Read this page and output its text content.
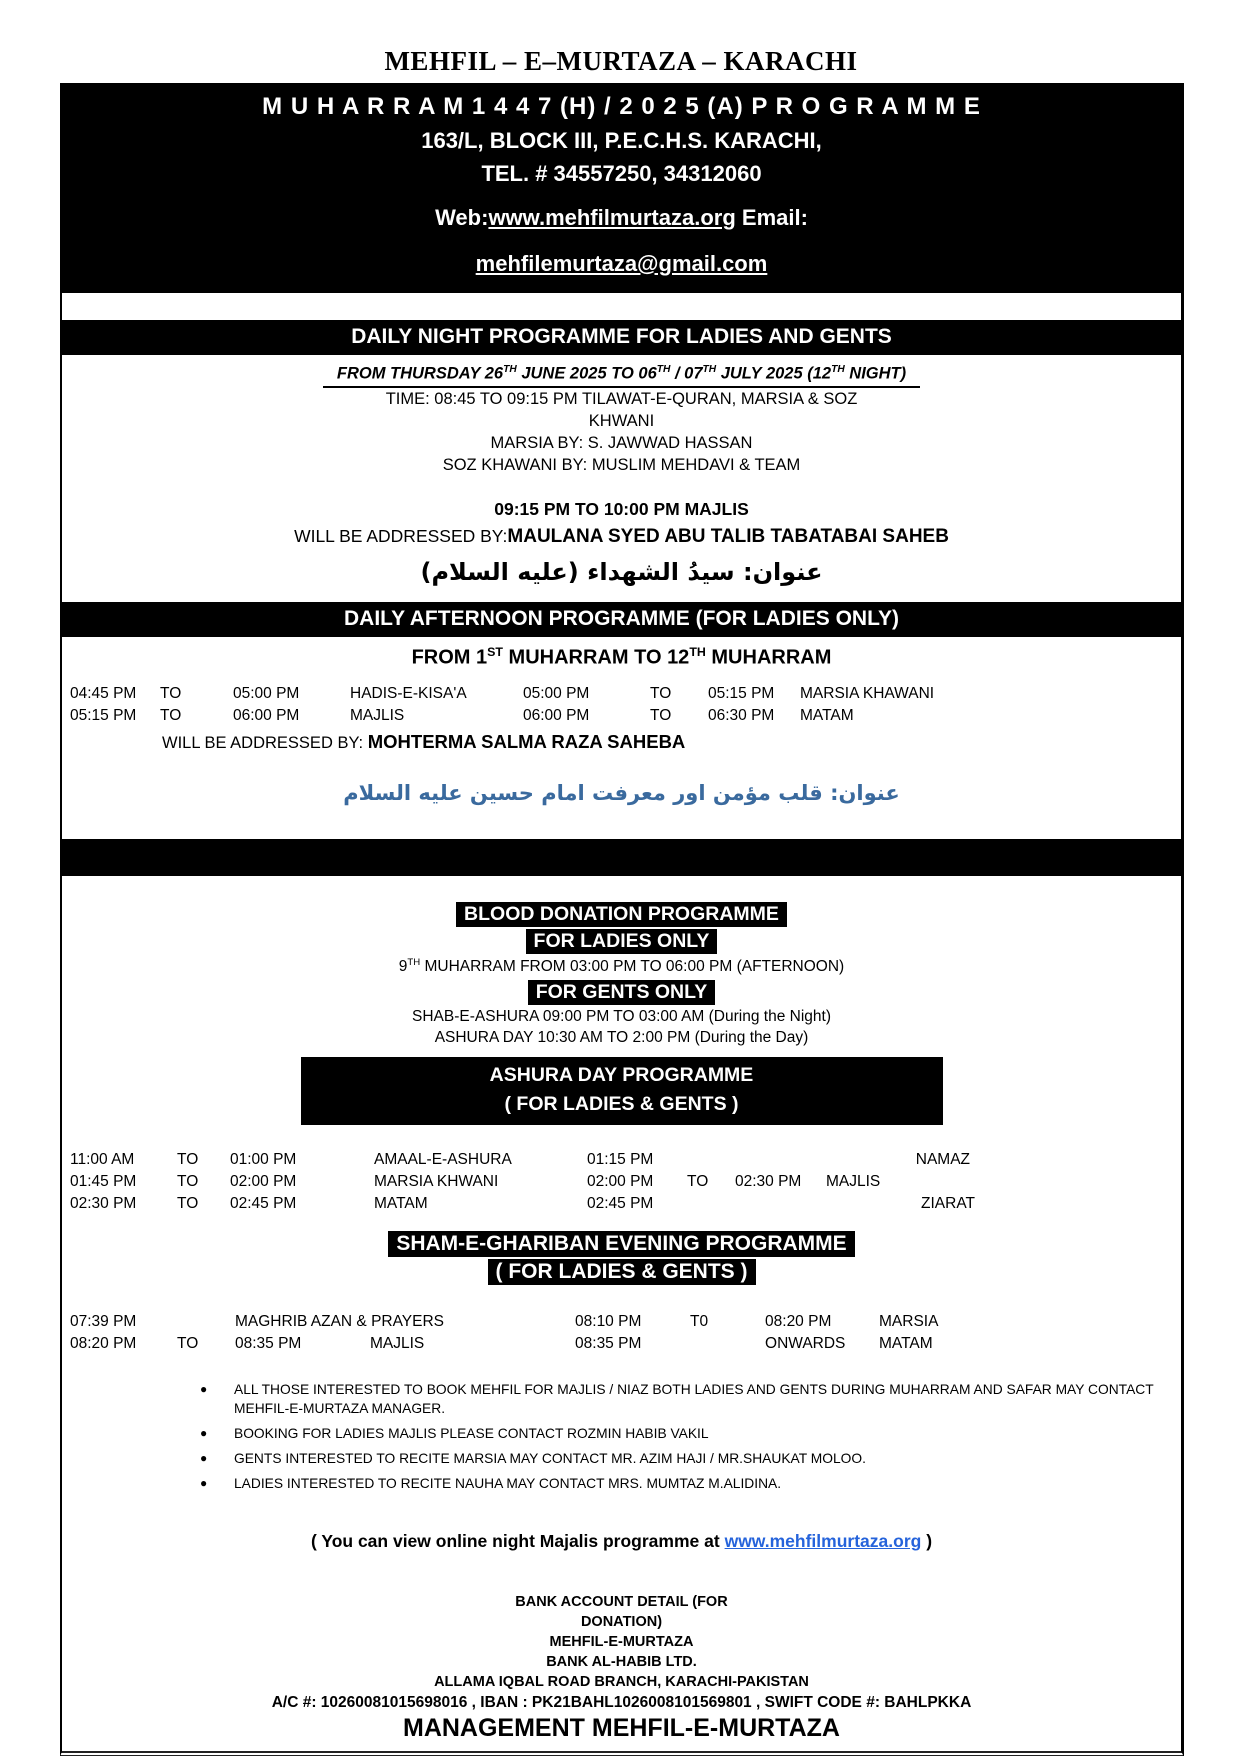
MEHFIL – E–MURTAZA – KARACHI
M U H A R R A M 1 4 4 7 (H) / 2 0 2 5 (A) P R O G R A M M E
163/L, BLOCK III, P.E.C.H.S. KARACHI,
TEL. # 34557250, 34312060
Web:www.mehfilmurtaza.org Email:
mehfilemurtaza@gmail.com
DAILY NIGHT PROGRAMME FOR LADIES AND GENTS
FROM THURSDAY 26TH JUNE 2025 TO 06TH / 07TH JULY 2025 (12TH NIGHT)
TIME: 08:45 TO 09:15 PM TILAWAT-E-QURAN, MARSIA & SOZ
KHWANI
MARSIA BY: S. JAWWAD HASSAN
SOZ KHAWANI BY: MUSLIM MEHDAVI & TEAM
09:15 PM TO 10:00 PM MAJLIS
WILL BE ADDRESSED BY:MAULANA SYED ABU TALIB TABATABAI SAHEB
عنوان: سيدُ الشهداء (عليه السلام)
DAILY AFTERNOON PROGRAMME (FOR LADIES ONLY)
FROM 1ST MUHARRAM TO 12TH MUHARRAM
04:45 PM	TO	05:00 PM	HADIS-E-KISA'A	05:00 PM	TO	05:15 PM	MARSIA KHAWANI
05:15 PM	TO	06:00 PM	MAJLIS	06:00 PM	TO	06:30 PM	MATAM
WILL BE ADDRESSED BY: MOHTERMA SALMA RAZA SAHEBA
عنوان: قلب مؤمن اور معرفت امام حسین علیه السلام
BLOOD DONATION PROGRAMME
FOR LADIES ONLY
9TH MUHARRAM FROM 03:00 PM TO 06:00 PM (AFTERNOON)
FOR GENTS ONLY
SHAB-E-ASHURA 09:00 PM TO 03:00 AM (During the Night)
ASHURA DAY 10:30 AM TO 2:00 PM (During the Day)
ASHURA DAY PROGRAMME
( FOR LADIES & GENTS )
11:00 AM	TO	01:00 PM	AMAAL-E-ASHURA	01:15 PM			NAMAZ
01:45 PM	TO	02:00 PM	MARSIA KHWANI	02:00 PM	TO	02:30 PM	MAJLIS
02:30 PM	TO	02:45 PM	MATAM	02:45 PM			ZIARAT
SHAM-E-GHARIBAN EVENING PROGRAMME
( FOR LADIES & GENTS )
07:39 PM		MAGHRIB AZAN & PRAYERS		08:10 PM	T0	08:20 PM	MARSIA
08:20 PM	TO	08:35 PM	MAJLIS	08:35 PM		ONWARDS	MATAM
●	ALL THOSE INTERESTED TO BOOK MEHFIL FOR MAJLIS / NIAZ BOTH LADIES AND GENTS DURING MUHARRAM AND SAFAR MAY CONTACT MEHFIL-E-MURTAZA MANAGER.
●	BOOKING FOR LADIES MAJLIS PLEASE CONTACT ROZMIN HABIB VAKIL
●	GENTS INTERESTED TO RECITE MARSIA MAY CONTACT MR. AZIM HAJI / MR.SHAUKAT MOLOO.
●	LADIES INTERESTED TO RECITE NAUHA MAY CONTACT MRS. MUMTAZ M.ALIDINA.
( You can view online night Majalis programme at www.mehfilmurtaza.org )
BANK ACCOUNT DETAIL (FOR
DONATION)
MEHFIL-E-MURTAZA
BANK AL-HABIB LTD.
ALLAMA IQBAL ROAD BRANCH, KARACHI-PAKISTAN
A/C #: 10260081015698016 , IBAN : PK21BAHL1026008101569801 , SWIFT CODE #: BAHLPKKA
MANAGEMENT MEHFIL-E-MURTAZA
